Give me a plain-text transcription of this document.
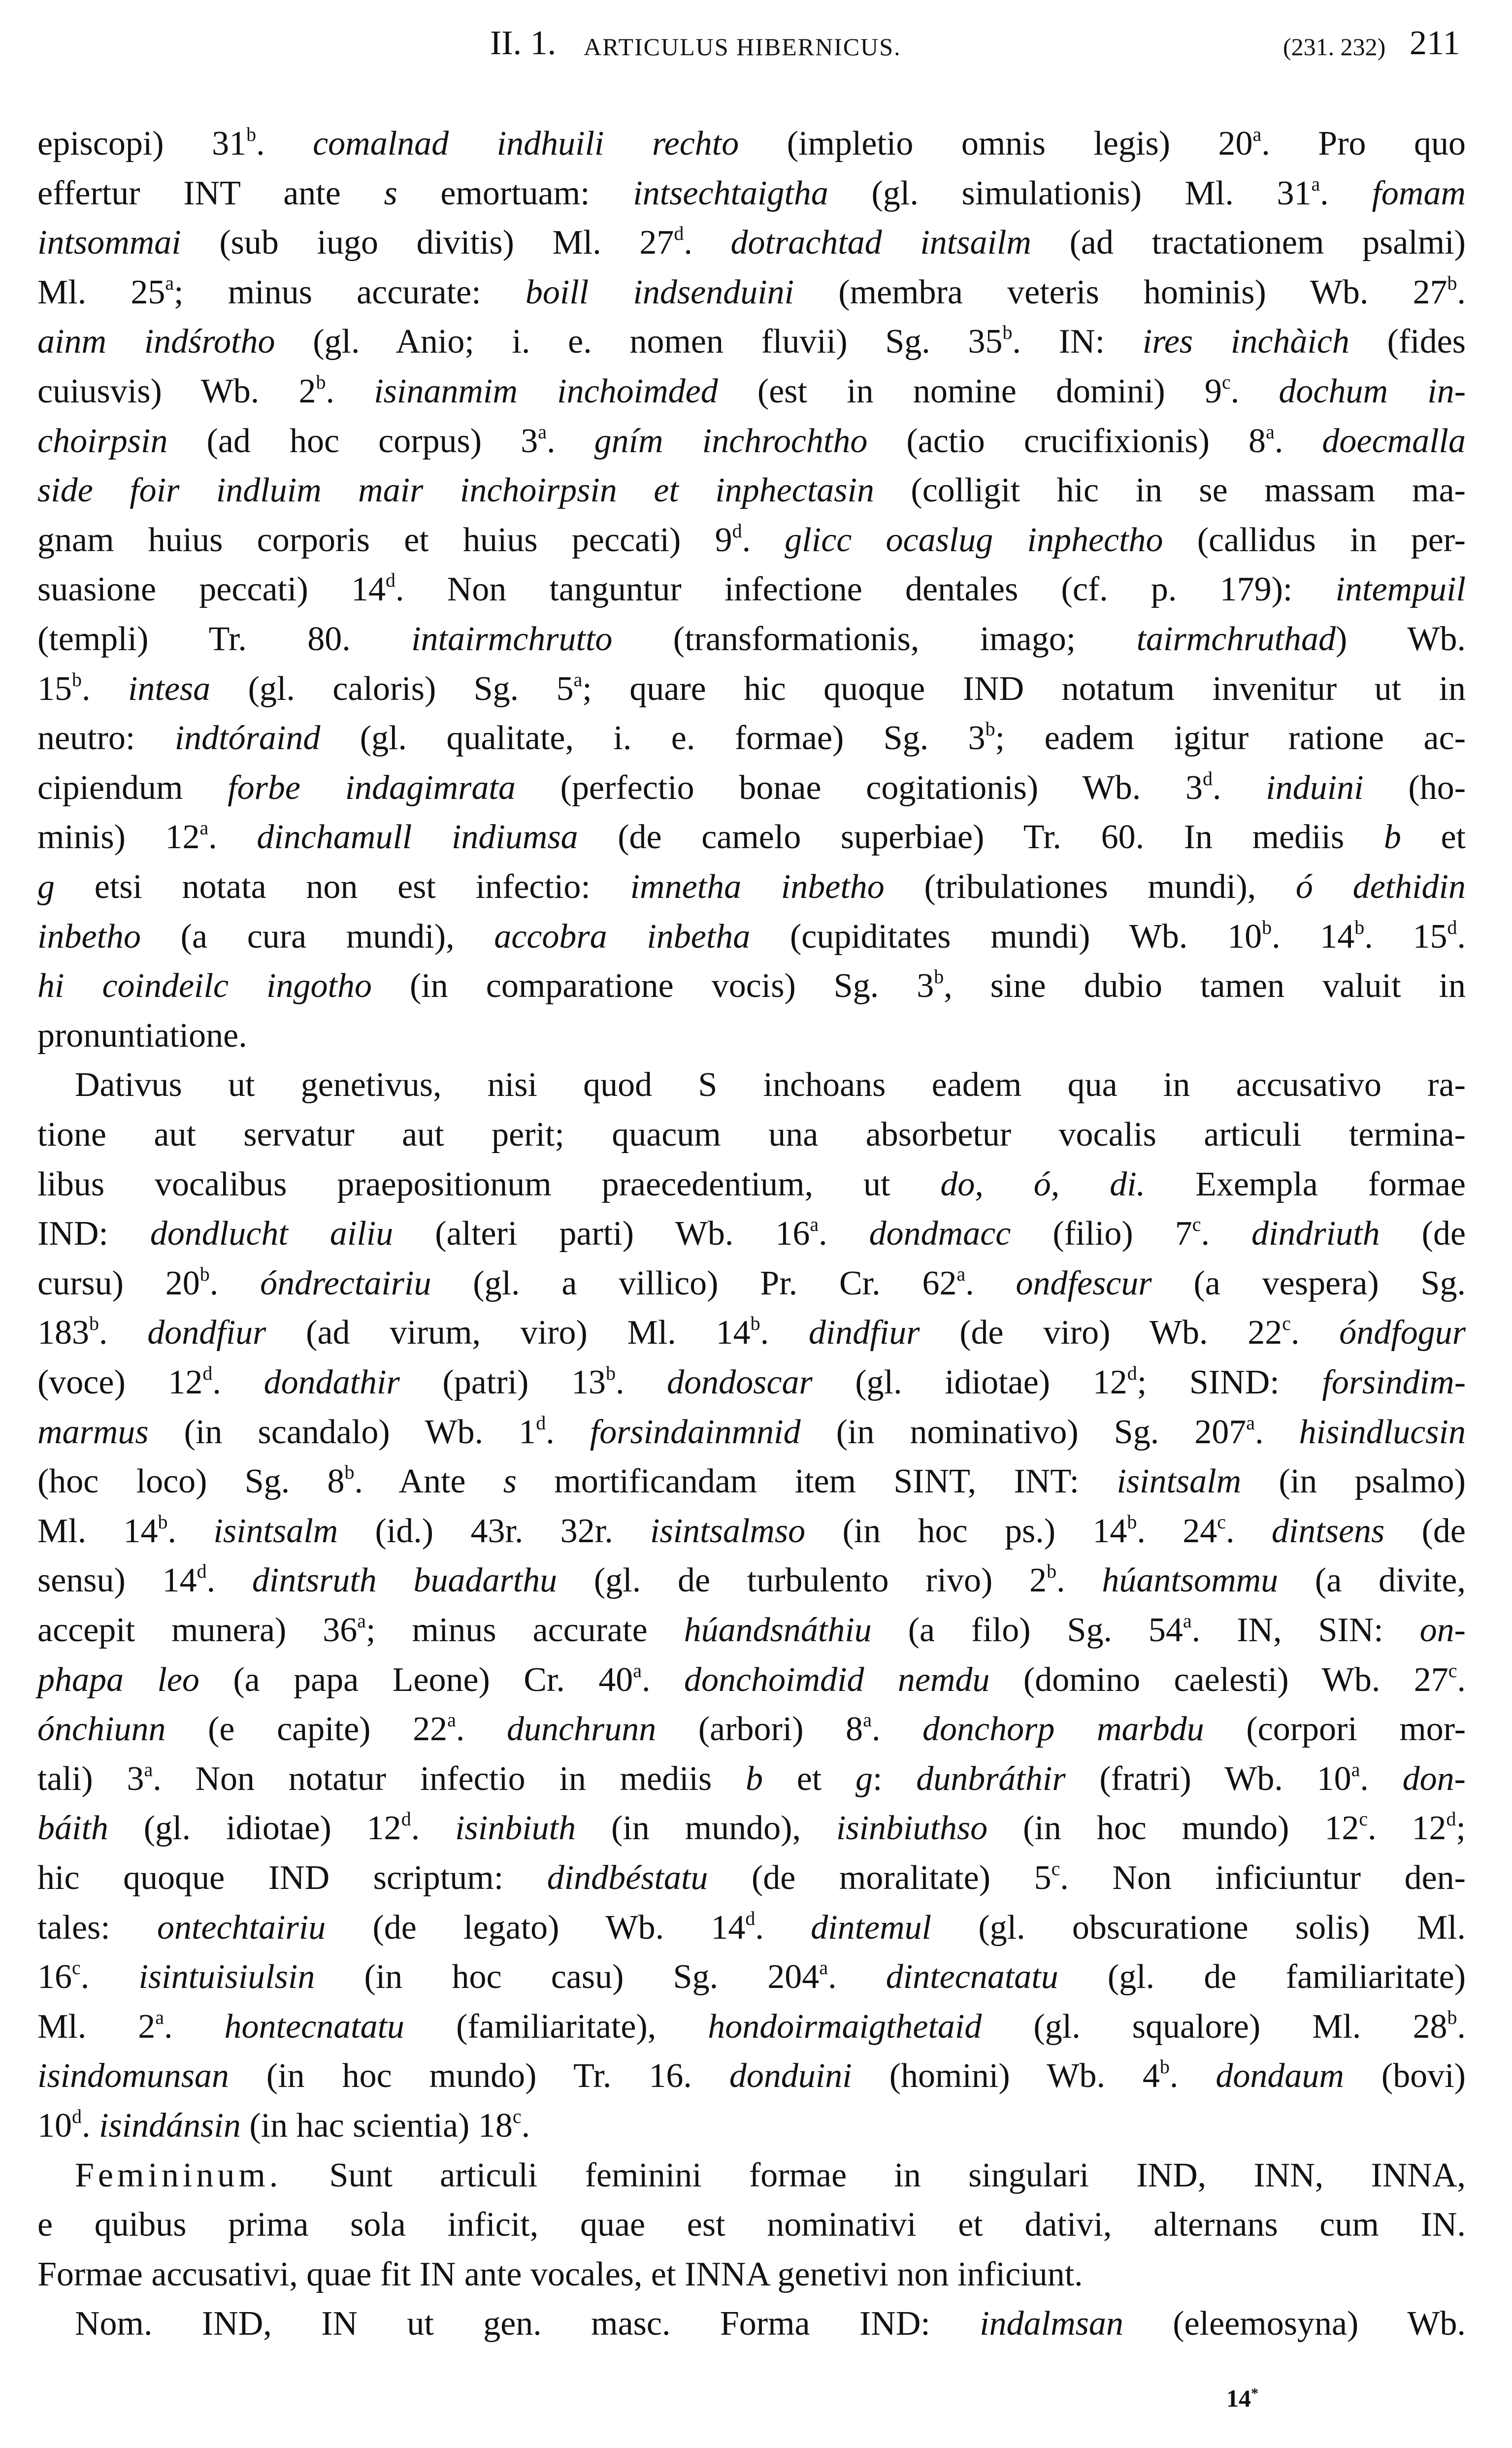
II. 1. ARTICULUS HIBERNICUS.	(231. 232) 211
episcopi) 31$^b$. comalnad indhuili rechto (impletio omnis legis) 20$^a$. Pro quo
effertur INT ante s emortuam: intsechtaigtha (gl. simulationis) Ml. 31$^a$. fomam
intsommai (sub iugo divitis) Ml. 27$^d$. dotrachtad intsailm (ad tractationem psalmi)
Ml. 25$^a$; minus accurate: boill indsenduini (membra veteris hominis) Wb. 27$^b$.
ainm indśrotho (gl. Anio; i. e. nomen fluvii) Sg. 35$^b$. IN: ires inchàich (fides
cuiusvis) Wb. 2$^b$. isinanmim inchoimded (est in nomine domini) 9$^c$. dochum in-
choirpsin (ad hoc corpus) 3$^a$. gním inchrochtho (actio crucifixionis) 8$^a$. doecmalla
side foir indluim mair inchoirpsin et inphectasin (colligit hic in se massam ma-
gnam huius corporis et huius peccati) 9$^d$. glicc ocaslug inphectho (callidus in per-
suasione peccati) 14$^d$. Non tanguntur infectione dentales (cf. p. 179): intempuil
(templi) Tr. 80. intairmchrutto (transformationis, imago; tairmchruthad) Wb.
15$^b$. intesa (gl. caloris) Sg. 5$^a$; quare hic quoque IND notatum invenitur ut in
neutro: indtóraind (gl. qualitate, i. e. formae) Sg. 3$^b$; eadem igitur ratione ac-
cipiendum forbe indagimrata (perfectio bonae cogitationis) Wb. 3$^d$. induini (ho-
minis) 12$^a$. dinchamull indiumsa (de camelo superbiae) Tr. 60. In mediis b et
g etsi notata non est infectio: imnetha inbetho (tribulationes mundi), ó dethidin
inbetho (a cura mundi), accobra inbetha (cupiditates mundi) Wb. 10$^b$. 14$^b$. 15$^d$.
hi coindeilc ingotho (in comparatione vocis) Sg. 3$^b$, sine dubio tamen valuit in
pronuntiatione.
Dativus ut genetivus, nisi quod S inchoans eadem qua in accusativo ra-
tione aut servatur aut perit; quacum una absorbetur vocalis articuli termina-
libus vocalibus praepositionum praecedentium, ut do, ó, di. Exempla formae
IND: dondlucht ailiu (alteri parti) Wb. 16$^a$. dondmacc (filio) 7$^c$. dindriuth (de
cursu) 20$^b$. óndrectairiu (gl. a villico) Pr. Cr. 62$^a$. ondfescur (a vespera) Sg.
183$^b$. dondfiur (ad virum, viro) Ml. 14$^b$. dindfiur (de viro) Wb. 22$^c$. óndfogur
(voce) 12$^d$. dondathir (patri) 13$^b$. dondoscar (gl. idiotae) 12$^d$; SIND: forsindim-
marmus (in scandalo) Wb. 1$^d$. forsindainmnid (in nominativo) Sg. 207$^a$. hisindlucsin
(hoc loco) Sg. 8$^b$. Ante s mortificandam item SINT, INT: isintsalm (in psalmo)
Ml. 14$^b$. isintsalm (id.) 43r. 32r. isintsalmso (in hoc ps.) 14$^b$. 24$^c$. dintsens (de
sensu) 14$^d$. dintsruth buadarthu (gl. de turbulento rivo) 2$^b$. húantsommu (a divite,
accepit munera) 36$^a$; minus accurate húandsnáthiu (a filo) Sg. 54$^a$. IN, SIN: on-
phapa leo (a papa Leone) Cr. 40$^a$. donchoimdid nemdu (domino caelesti) Wb. 27$^c$.
ónchiunn (e capite) 22$^a$. dunchrunn (arbori) 8$^a$. donchorp marbdu (corpori mor-
tali) 3$^a$. Non notatur infectio in mediis b et g: dunbráthir (fratri) Wb. 10$^a$. don-
báith (gl. idiotae) 12$^d$. isinbiuth (in mundo), isinbiuthso (in hoc mundo) 12$^c$. 12$^d$;
hic quoque IND scriptum: dindbéstatu (de moralitate) 5$^c$. Non inficiuntur den-
tales: ontechtairiu (de legato) Wb. 14$^d$. dintemul (gl. obscuratione solis) Ml.
16$^c$. isintuisiulsin (in hoc casu) Sg. 204$^a$. dintecnatatu (gl. de familiaritate)
Ml. 2$^a$. hontecnatatu (familiaritate), hondoirmaigthetaid (gl. squalore) Ml. 28$^b$.
isindomunsan (in hoc mundo) Tr. 16. donduini (homini) Wb. 4$^b$. dondaum (bovi)
10$^d$. isindánsin (in hac scientia) 18$^c$.
Femininum. Sunt articuli feminini formae in singulari IND, INN, INNA,
e quibus prima sola inficit, quae est nominativi et dativi, alternans cum IN.
Formae accusativi, quae fit IN ante vocales, et INNA genetivi non inficiunt.
Nom. IND, IN ut gen. masc. Forma IND: indalmsan (eleemosyna) Wb.
14*
